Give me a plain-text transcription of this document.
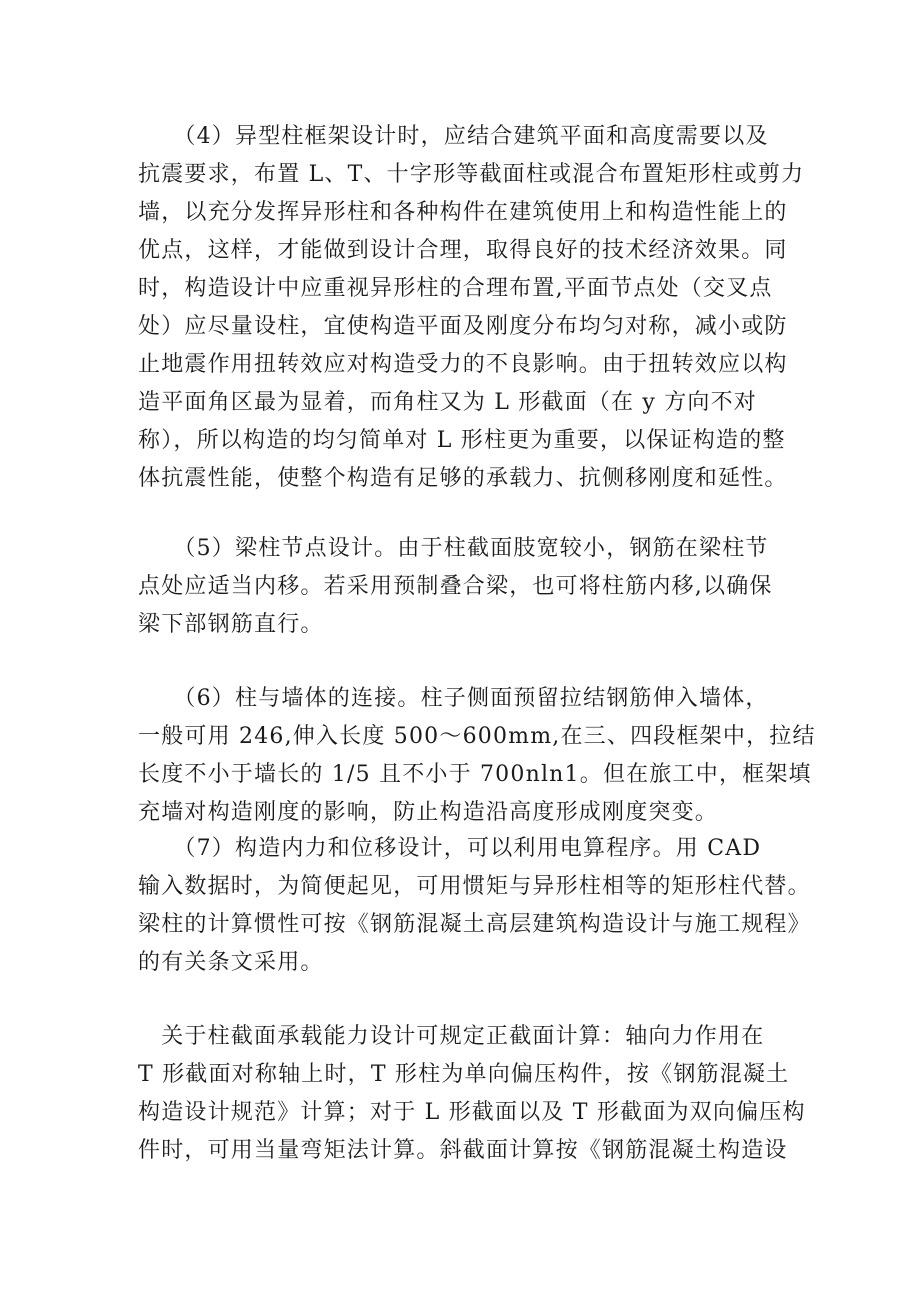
　　（4）异型柱框架设计时，应结合建筑平面和高度需要以及
抗震要求，布置 L、T、十字形等截面柱或混合布置矩形柱或剪力
墙，以充分发挥异形柱和各种构件在建筑使用上和构造性能上的
优点，这样，才能做到设计合理，取得良好的技术经济效果。同
时，构造设计中应重视异形柱的合理布置,平面节点处（交叉点
处）应尽量设柱，宜使构造平面及刚度分布均匀对称，减小或防
止地震作用扭转效应对构造受力的不良影响。由于扭转效应以构
造平面角区最为显着，而角柱又为 L 形截面（在 y 方向不对
称），所以构造的均匀简单对 L 形柱更为重要，以保证构造的整
体抗震性能，使整个构造有足够的承载力、抗侧移刚度和延性。
　　（5）梁柱节点设计。由于柱截面肢宽较小，钢筋在梁柱节
点处应适当内移。若采用预制叠合梁，也可将柱筋内移,以确保
梁下部钢筋直行。
　　（6）柱与墙体的连接。柱子侧面预留拉结钢筋伸入墙体，
一般可用 246,伸入长度 500～600mm,在三、四段框架中，拉结
长度不小于墙长的 1/5 且不小于 700nln1。但在旅工中，框架填
充墙对构造刚度的影响，防止构造沿高度形成刚度突变。
　　（7）构造内力和位移设计，可以利用电算程序。用 CAD
输入数据时，为简便起见，可用惯矩与异形柱相等的矩形柱代替。
梁柱的计算惯性可按《钢筋混凝土高层建筑构造设计与施工规程》
的有关条文采用。
　关于柱截面承载能力设计可规定正截面计算：轴向力作用在
T 形截面对称轴上时，T 形柱为单向偏压构件，按《钢筋混凝土
构造设计规范》计算；对于 L 形截面以及 T 形截面为双向偏压构
件时，可用当量弯矩法计算。斜截面计算按《钢筋混凝土构造设
